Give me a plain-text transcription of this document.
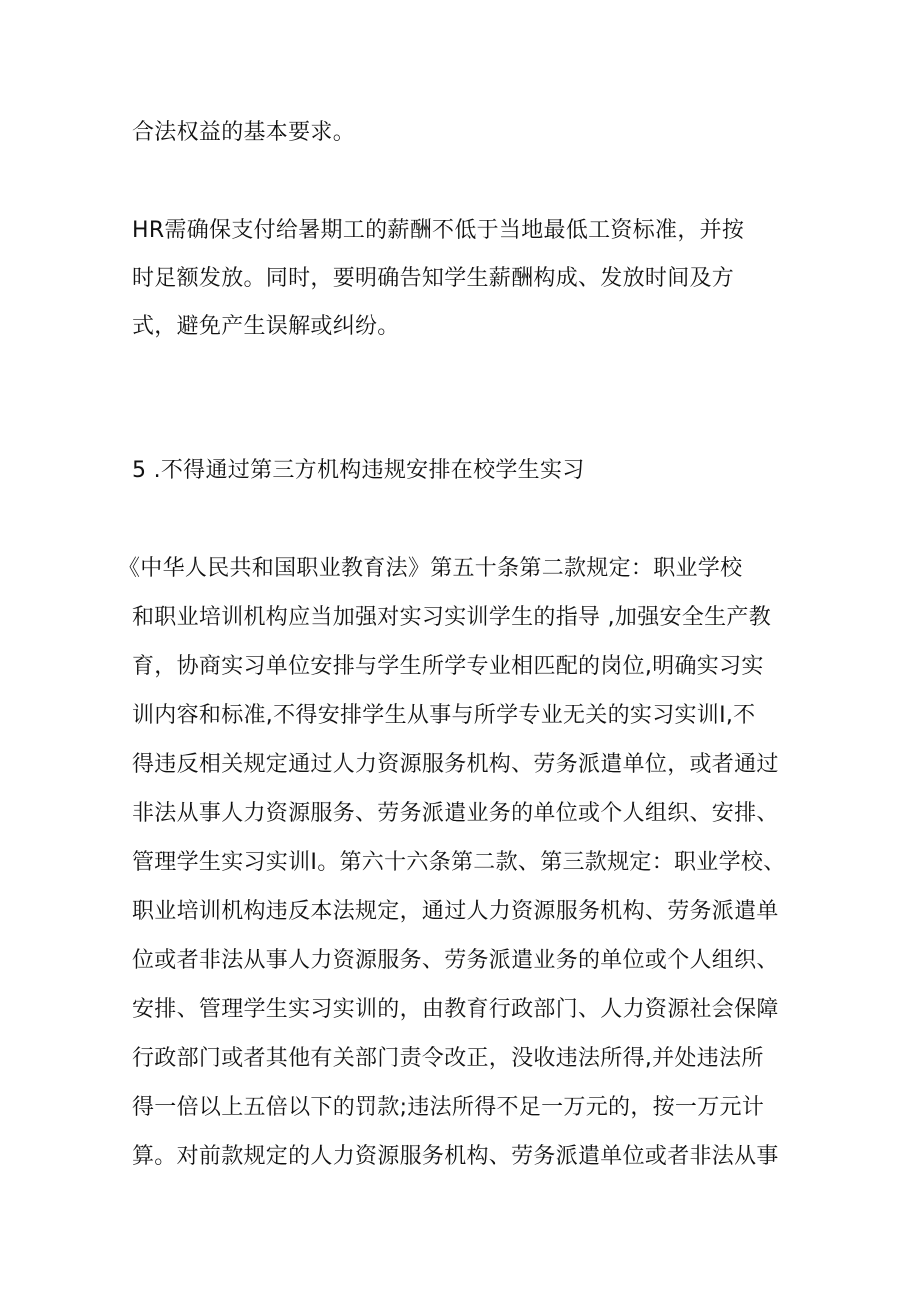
合法权益的基本要求。
HR需确保支付给暑期工的薪酬不低于当地最低工资标准，并按
时足额发放。同时，要明确告知学生薪酬构成、发放时间及方
式，避免产生误解或纠纷。
5 .不得通过第三方机构违规安排在校学生实习
《中华人民共和国职业教育法》第五十条第二款规定：职业学校
和职业培训机构应当加强对实习实训学生的指导 ,加强安全生产教
育，协商实习单位安排与学生所学专业相匹配的岗位,明确实习实
训内容和标准,不得安排学生从事与所学专业无关的实习实训I,不
得违反相关规定通过人力资源服务机构、劳务派遣单位，或者通过
非法从事人力资源服务、劳务派遣业务的单位或个人组织、安排、
管理学生实习实训I。第六十六条第二款、第三款规定：职业学校、
职业培训机构违反本法规定，通过人力资源服务机构、劳务派遣单
位或者非法从事人力资源服务、劳务派遣业务的单位或个人组织、
安排、管理学生实习实训的，由教育行政部门、人力资源社会保障
行政部门或者其他有关部门责令改正，没收违法所得,并处违法所
得一倍以上五倍以下的罚款;违法所得不足一万元的，按一万元计
算。对前款规定的人力资源服务机构、劳务派遣单位或者非法从事
